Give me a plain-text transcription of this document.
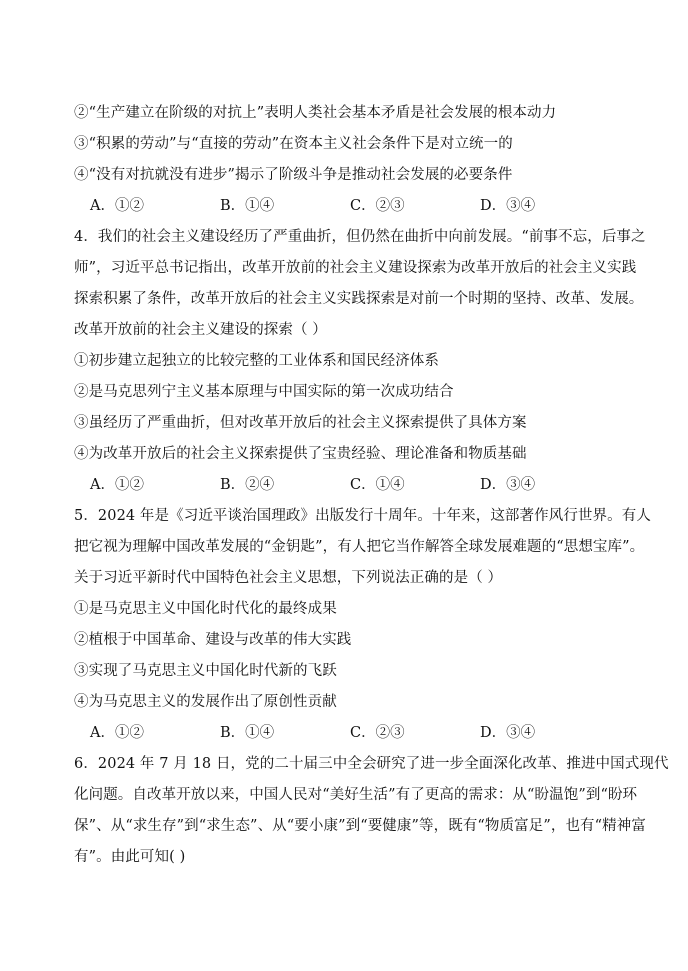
②“生产建立在阶级的对抗上”表明人类社会基本矛盾是社会发展的根本动力
③“积累的劳动”与“直接的劳动”在资本主义社会条件下是对立统一的
④“没有对抗就没有进步”揭示了阶级斗争是推动社会发展的必要条件
A．①②	B．①④	C．②③	D．③④
4．我们的社会主义建设经历了严重曲折，但仍然在曲折中向前发展。“前事不忘，后事之
师”，习近平总书记指出，改革开放前的社会主义建设探索为改革开放后的社会主义实践
探索积累了条件，改革开放后的社会主义实践探索是对前一个时期的坚持、改革、发展。
改革开放前的社会主义建设的探索（ ）
①初步建立起独立的比较完整的工业体系和国民经济体系
②是马克思列宁主义基本原理与中国实际的第一次成功结合
③虽经历了严重曲折，但对改革开放后的社会主义探索提供了具体方案
④为改革开放后的社会主义探索提供了宝贵经验、理论准备和物质基础
A．①②	B．②④	C．①④	D．③④
5．2024 年是《习近平谈治国理政》出版发行十周年。十年来，这部著作风行世界。有人
把它视为理解中国改革发展的“金钥匙”，有人把它当作解答全球发展难题的“思想宝库”。
关于习近平新时代中国特色社会主义思想，下列说法正确的是（ ）
①是马克思主义中国化时代化的最终成果
②植根于中国革命、建设与改革的伟大实践
③实现了马克思主义中国化时代新的飞跃
④为马克思主义的发展作出了原创性贡献
A．①②	B．①④	C．②③	D．③④
6．2024 年 7 月 18 日，党的二十届三中全会研究了进一步全面深化改革、推进中国式现代
化问题。自改革开放以来，中国人民对“美好生活”有了更高的需求：从“盼温饱”到“盼环
保”、从“求生存”到“求生态”、从“要小康”到“要健康”等，既有“物质富足”，也有“精神富
有”。由此可知( )
